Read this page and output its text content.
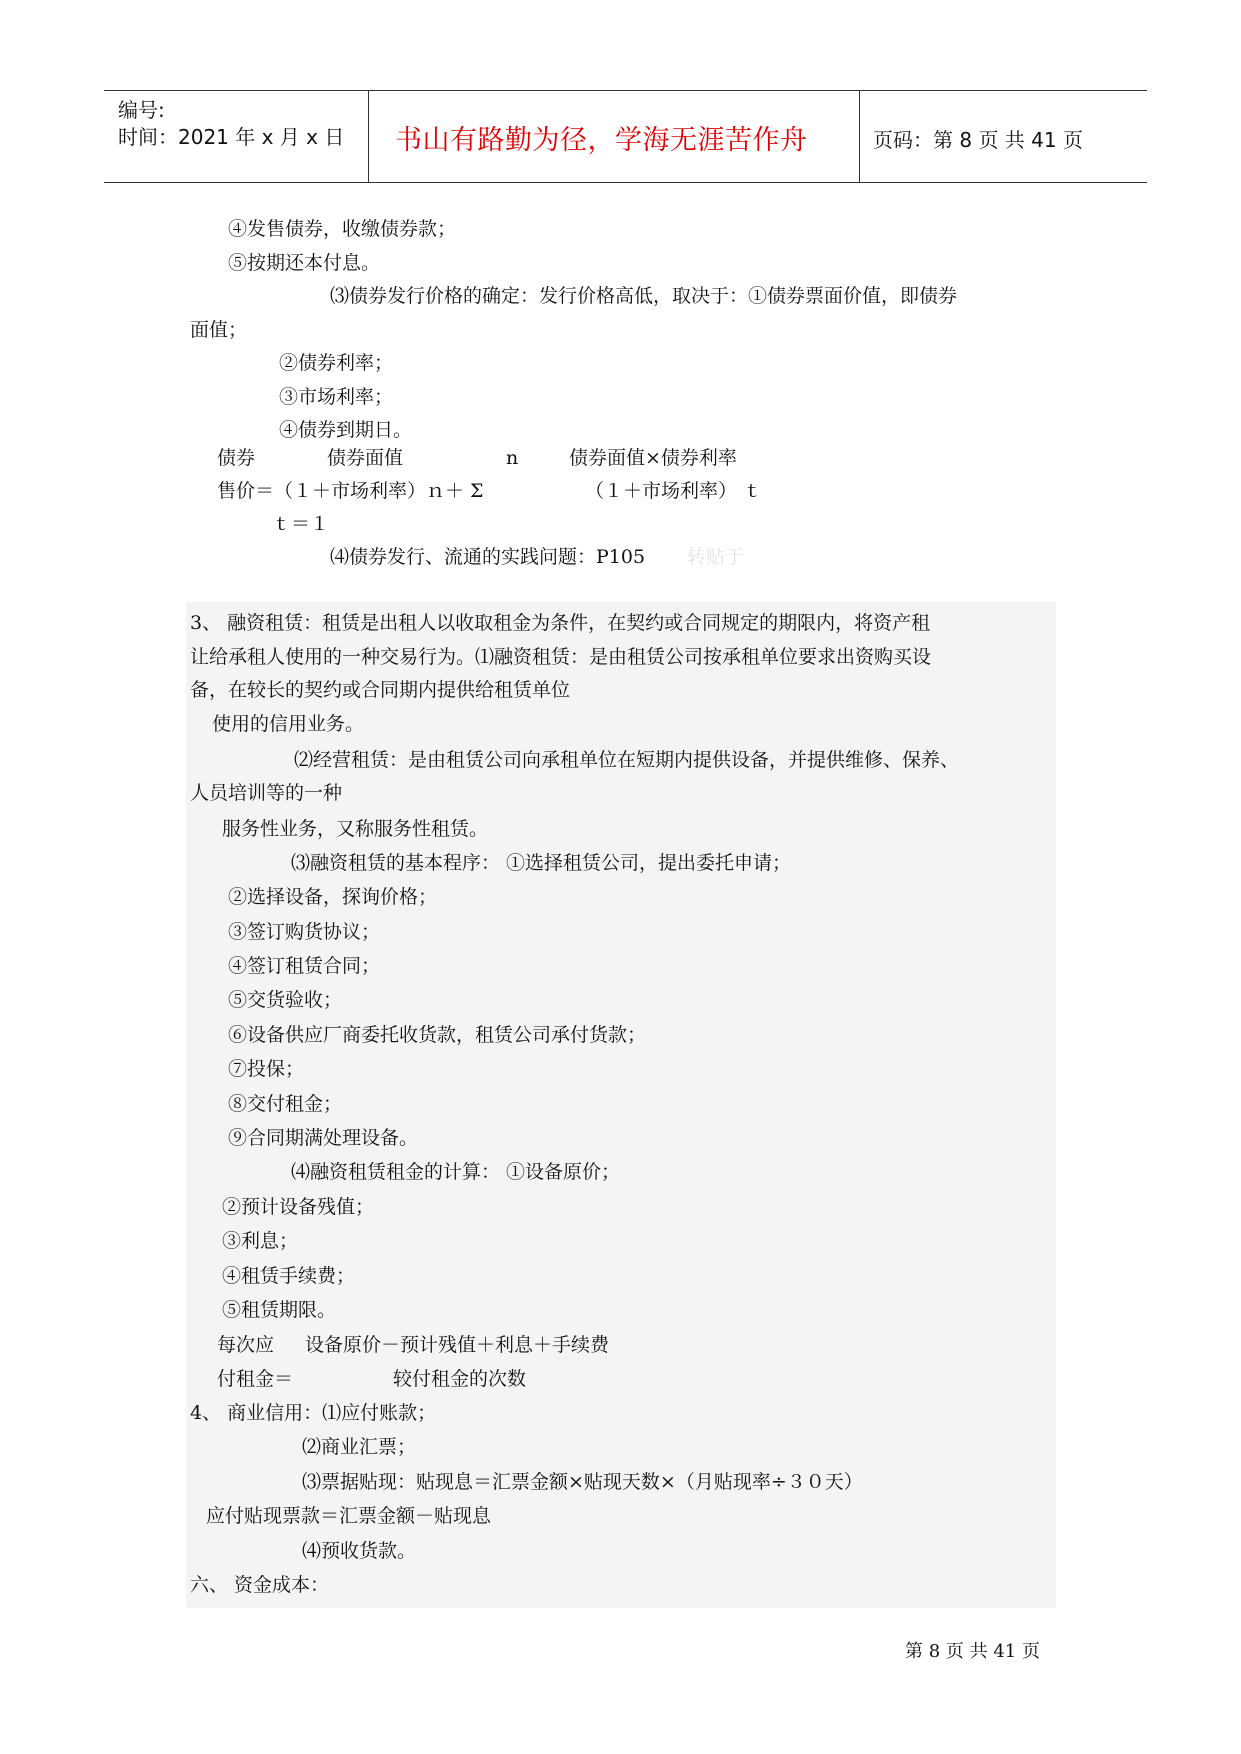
编号:
时间：2021 年 x 月 x 日 书山有路勤为径，学海无涯苦作舟	页码：第 8 页 共 41 页
④发售债券，收缴债券款；
⑤按期还本付息。
⑶债券发行价格的确定：发行价格高低，取决于：①债券票面价值，即债券
面值；
②债券利率；
③市场利率；
④债券到期日。
债券	债券面值	n	债券面值×债券利率
售价＝（１＋市场利率）ｎ＋ Σ	（１＋市场利率） ｔ
ｔ＝１
⑷债券发行、流通的实践问题：P105 转贴于
3、 融资租赁：租赁是出租人以收取租金为条件，在契约或合同规定的期限内，将资产租
让给承租人使用的一种交易行为。⑴融资租赁：是由租赁公司按承租单位要求出资购买设
备，在较长的契约或合同期内提供给租赁单位
使用的信用业务。
⑵经营租赁：是由租赁公司向承租单位在短期内提供设备，并提供维修、保养、
人员培训等的一种
服务性业务，又称服务性租赁。
⑶融资租赁的基本程序： ①选择租赁公司，提出委托申请；
②选择设备，探询价格；
③签订购货协议；
④签订租赁合同；
⑤交货验收；
⑥设备供应厂商委托收货款，租赁公司承付货款；
⑦投保；
⑧交付租金；
⑨合同期满处理设备。
⑷融资租赁租金的计算： ①设备原价；
②预计设备残值；
③利息；
④租赁手续费；
⑤租赁期限。
每次应 设备原价－预计残值＋利息＋手续费
付租金＝	较付租金的次数
4、 商业信用：⑴应付账款；
⑵商业汇票；
⑶票据贴现：贴现息＝汇票金额×贴现天数×（月贴现率÷３０天）
应付贴现票款＝汇票金额－贴现息
⑷预收货款。
六、 资金成本：
第 8 页 共 41 页
